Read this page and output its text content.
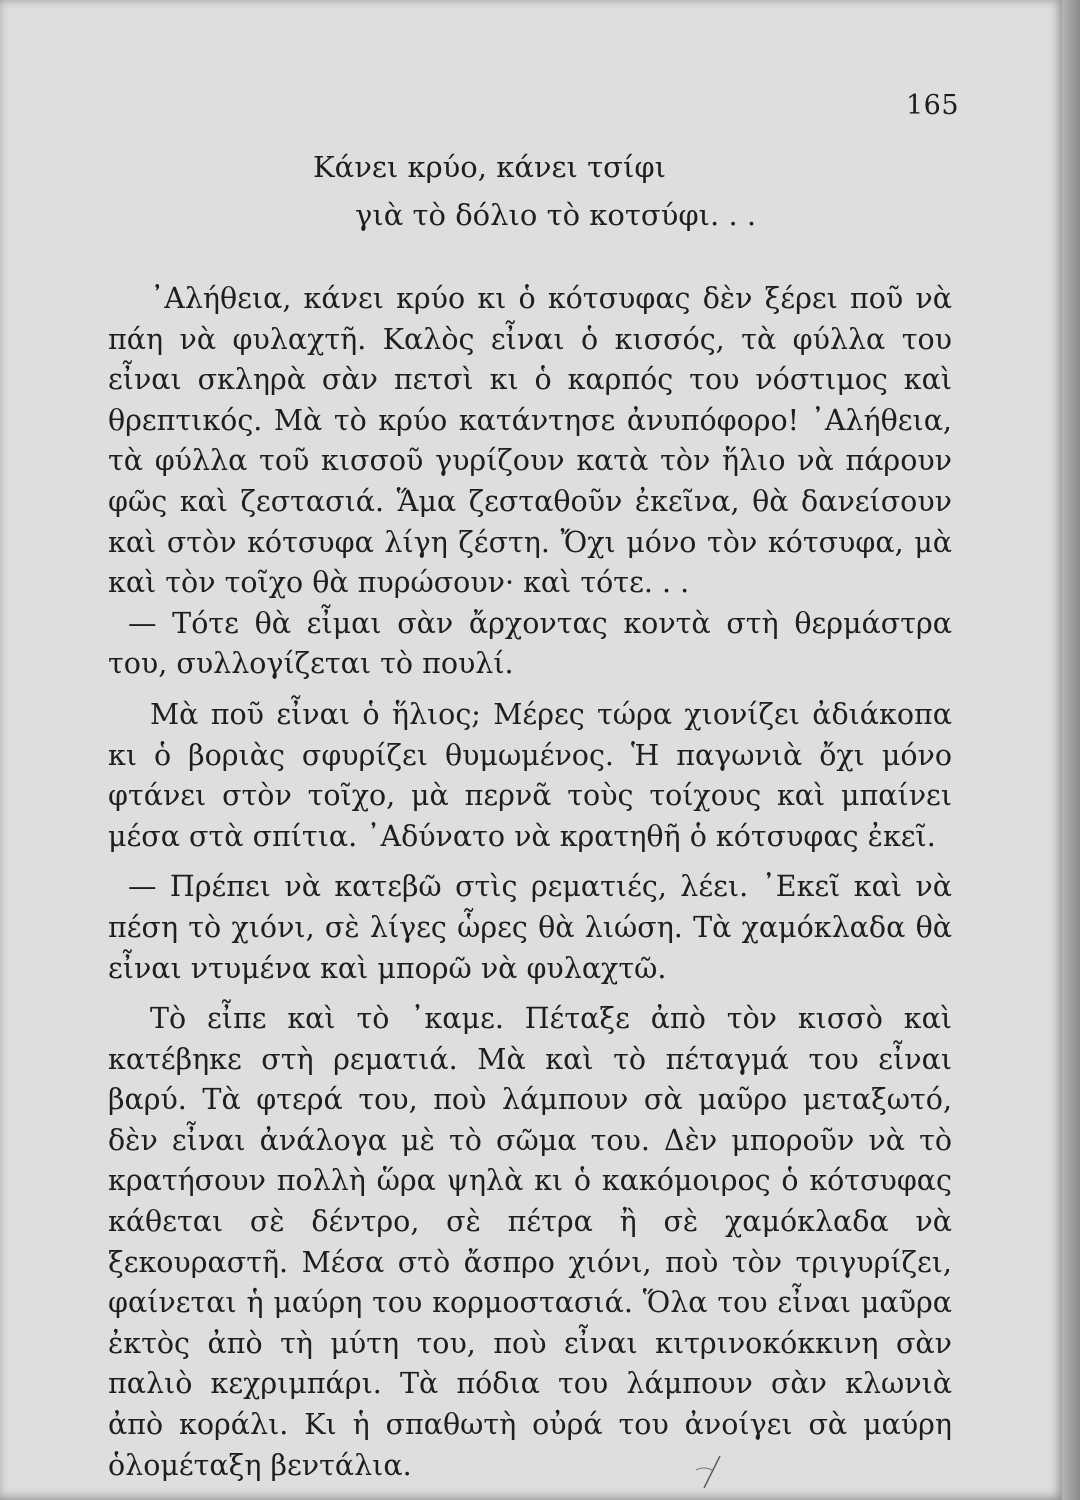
165
Κάνει κρύο, κάνει τσίφι
γιὰ τὸ δόλιο τὸ κοτσύφι. . .

᾿Αλήθεια, κάνει κρύο κι ὁ κότσυφας δὲν ξέρει ποῦ νὰ πάη νὰ φυλαχτῆ. Καλὸς εἶναι ὁ κισσός, τὰ φύλλα του εἶναι σκληρὰ σὰν πετσὶ κι ὁ καρπός του νόστιμος καὶ θρεπτικός. Μὰ τὸ κρύο κατάντησε ἀνυπόφορο! ᾿Αλήθεια, τὰ φύλλα τοῦ κισσοῦ γυρίζουν κατὰ τὸν ἥλιο νὰ πάρουν φῶς καὶ ζεστασιά. Ἅμα ζεσταθοῦν ἐκεῖνα, θὰ δανείσουν καὶ στὸν κότσυφα λίγη ζέστη. Ὄχι μόνο τὸν κότσυφα, μὰ καὶ τὸν τοῖχο θὰ πυρώσουν· καὶ τότε. . .

— Τότε θὰ εἶμαι σὰν ἄρχοντας κοντὰ στὴ θερμάστρα του, συλλογίζεται τὸ πουλί.

Μὰ ποῦ εἶναι ὁ ἥλιος; Μέρες τώρα χιονίζει ἀδιάκοπα κι ὁ βοριὰς σφυρίζει θυμωμένος. Ἡ παγωνιὰ ὄχι μόνο φτάνει στὸν τοῖχο, μὰ περνᾶ τοὺς τοίχους καὶ μπαίνει μέσα στὰ σπίτια. ᾿Αδύνατο νὰ κρατηθῆ ὁ κότσυφας ἐκεῖ.

— Πρέπει νὰ κατεβῶ στὶς ρεματιές, λέει. ᾿Εκεῖ καὶ νὰ πέση τὸ χιόνι, σὲ λίγες ὧρες θὰ λιώση. Τὰ χαμόκλαδα θὰ εἶναι ντυμένα καὶ μπορῶ νὰ φυλαχτῶ.

Τὸ εἶπε καὶ τὸ ᾿καμε. Πέταξε ἀπὸ τὸν κισσὸ καὶ κατέβηκε στὴ ρεματιά. Μὰ καὶ τὸ πέταγμά του εἶναι βαρύ. Τὰ φτερά του, ποὺ λάμπουν σὰ μαῦρο μεταξωτό, δὲν εἶναι ἀνάλογα μὲ τὸ σῶμα του. Δὲν μποροῦν νὰ τὸ κρατήσουν πολλὴ ὥρα ψηλὰ κι ὁ κακόμοιρος ὁ κότσυφας κάθεται σὲ δέντρο, σὲ πέτρα ἢ σὲ χαμόκλαδα νὰ ξεκουραστῆ. Μέσα στὸ ἄσπρο χιόνι, ποὺ τὸν τριγυρίζει, φαίνεται ἡ μαύρη του κορμοστασιά. Ὅλα του εἶναι μαῦρα ἐκτὸς ἀπὸ τὴ μύτη του, ποὺ εἶναι κιτρινοκόκκινη σὰν παλιὸ κεχριμπάρι. Τὰ πόδια του λάμπουν σὰν κλωνιὰ ἀπὸ κοράλι. Κι ἡ σπαθωτὴ οὐρά του ἀνοίγει σὰ μαύρη ὁλομέταξη βεντάλια.
